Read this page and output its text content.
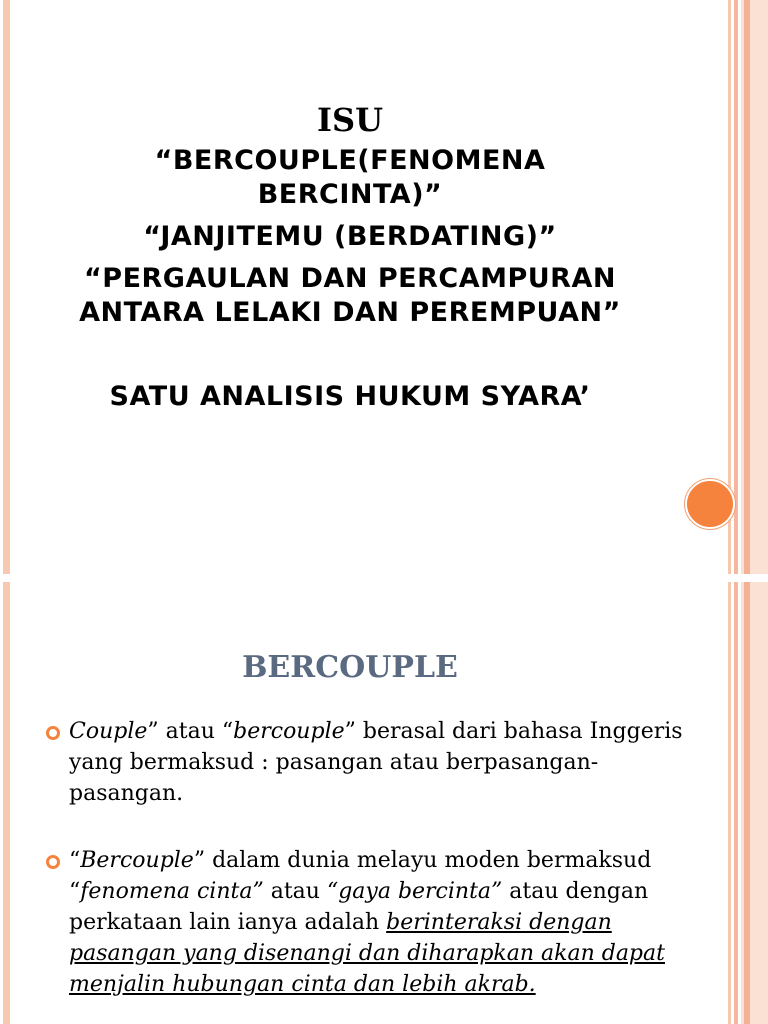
ISU

“BERCOUPLE(FENOMENA

BERCINTA)”

“JANJITEMU (BERDATING)”

“PERGAULAN DAN PERCAMPURAN

ANTARA LELAKI DAN PEREMPUAN”

SATU ANALISIS HUKUM SYARA’

BERCOUPLE
Couple” atau “bercouple” berasal dari bahasa Inggeris yang bermaksud : pasangan atau berpasangan-pasangan.
“Bercouple” dalam dunia melayu moden bermaksud “fenomena cinta” atau “gaya bercinta” atau dengan perkataan lain ianya adalah berinteraksi dengan pasangan yang disenangi dan diharapkan akan dapat menjalin hubungan cinta dan lebih akrab.
